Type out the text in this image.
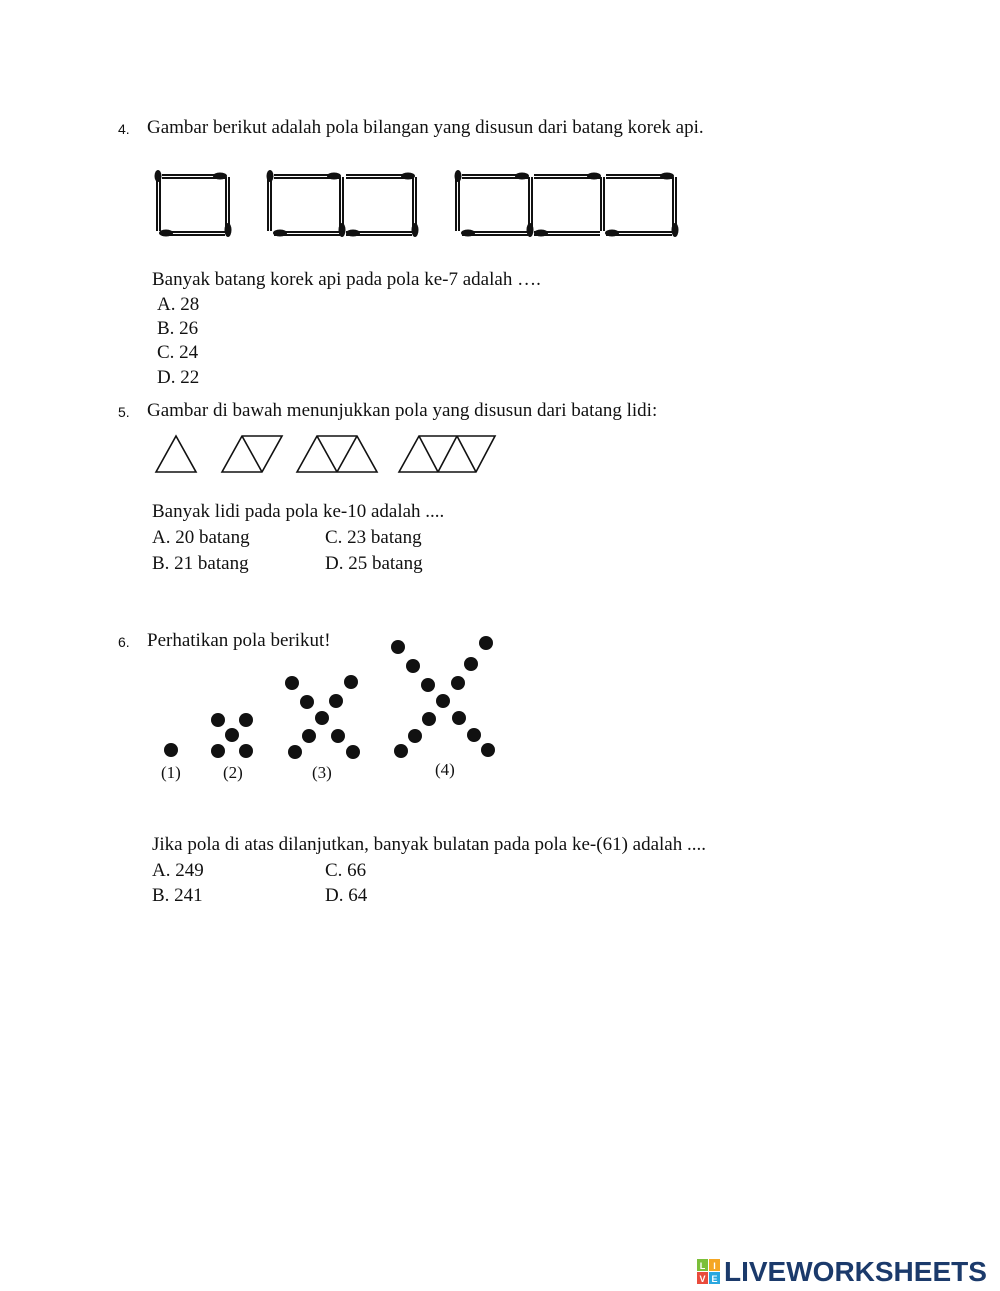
4. Gambar berikut adalah pola bilangan yang disusun dari batang korek api.
Banyak batang korek api pada pola ke-7 adalah ….
A. 28
B. 26
C. 24
D. 22
5. Gambar di bawah menunjukkan pola yang disusun dari batang lidi:
Banyak lidi pada pola ke-10 adalah ....
A. 20 batang	C. 23 batang
B. 21 batang	D. 25 batang
6. Perhatikan pola berikut!
(1) (2)	(3)	(4)
Jika pola di atas dilanjutkan, banyak bulatan pada pola ke-(61) adalah ....
A. 249	C. 66
B. 241	D. 64
L I
V E LIVEWORKSHEETS
